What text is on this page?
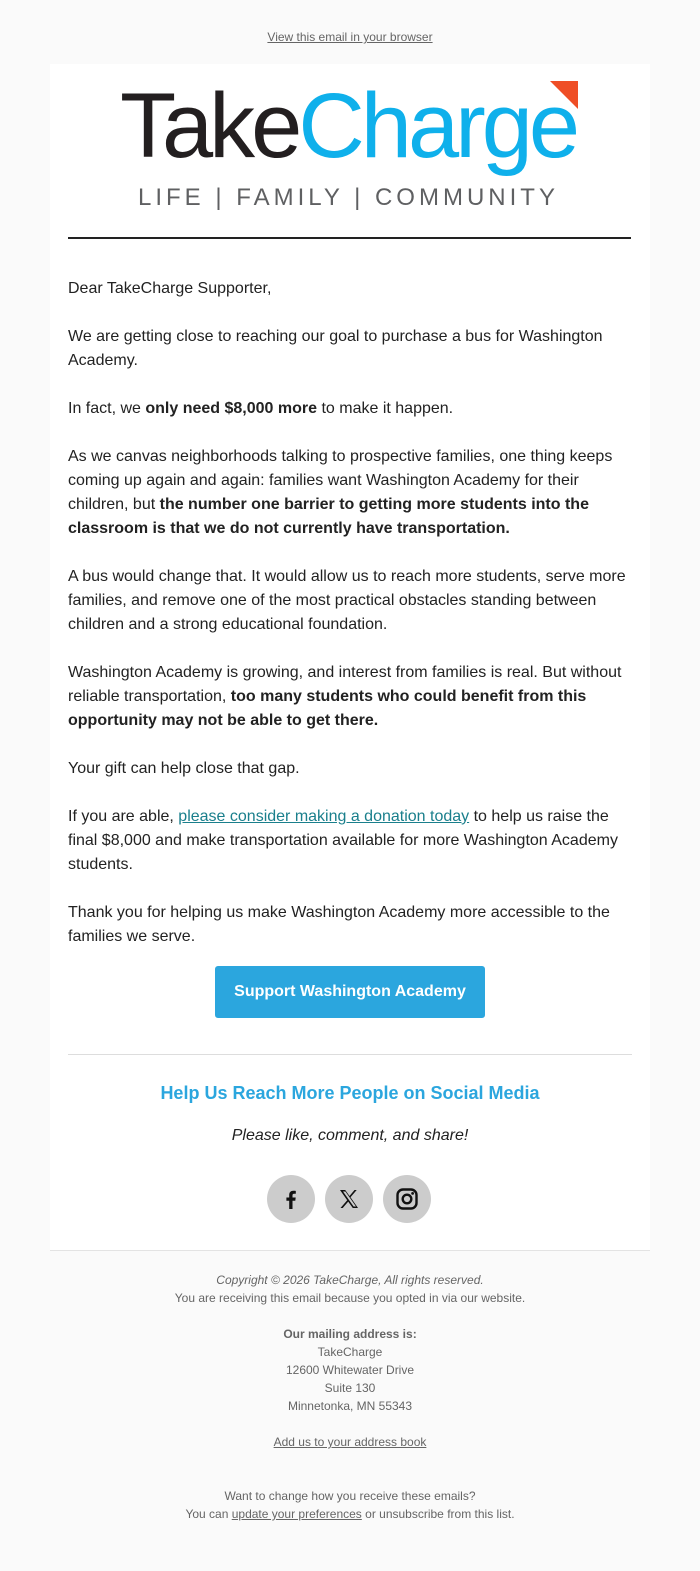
View this email in your browser
TakeCharge
LIFE | FAMILY | COMMUNITY

Dear TakeCharge Supporter,

We are getting close to reaching our goal to purchase a bus for Washington Academy.

In fact, we only need $8,000 more to make it happen.

As we canvas neighborhoods talking to prospective families, one thing keeps coming up again and again: families want Washington Academy for their children, but the number one barrier to getting more students into the classroom is that we do not currently have transportation.

A bus would change that. It would allow us to reach more students, serve more families, and remove one of the most practical obstacles standing between children and a strong educational foundation.

Washington Academy is growing, and interest from families is real. But without reliable transportation, too many students who could benefit from this opportunity may not be able to get there.

Your gift can help close that gap.

If you are able, please consider making a donation today to help us raise the final $8,000 and make transportation available for more Washington Academy students.

Thank you for helping us make Washington Academy more accessible to the families we serve.

Support Washington Academy
Help Us Reach More People on Social Media
Please like, comment, and share!
Copyright © 2026 TakeCharge, All rights reserved.
You are receiving this email because you opted in via our website.
Our mailing address is:
TakeCharge
12600 Whitewater Drive
Suite 130
Minnetonka, MN 55343
Add us to your address book
Want to change how you receive these emails?
You can update your preferences or unsubscribe from this list.
